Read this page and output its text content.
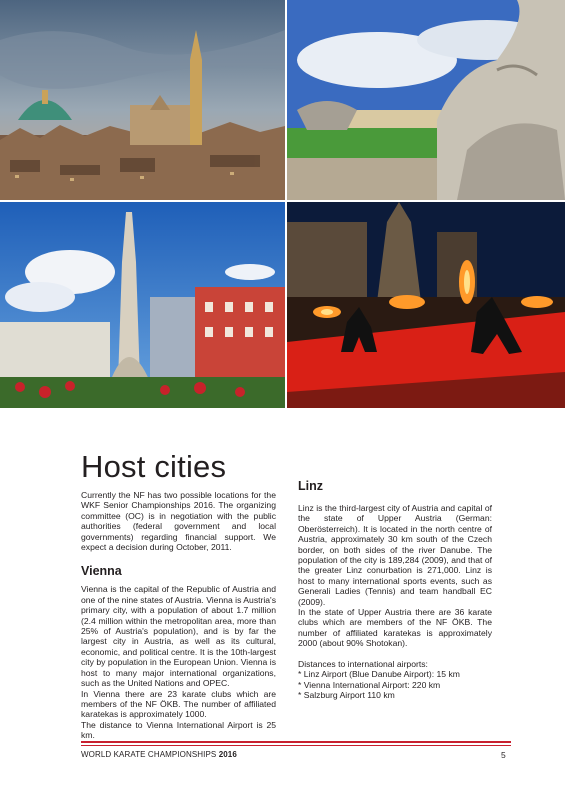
Host cities

Currently the NF has two possible locations for the WKF Senior Championships 2016. The organizing committee (OC) is in negotiation with the public authorities (federal government and local governments) regarding financial support. We expect a decision during October, 2011.

Vienna

Vienna is the capital of the Republic of Austria and one of the nine states of Austria. Vienna is Austria's primary city, with a population of about 1.7 million (2.4 million within the metropolitan area, more than 25% of Austria's population), and is by far the largest city in Austria, as well as its cultural, economic, and political centre. It is the 10th-largest city by population in the European Union. Vienna is host to many major international organizations, such as the United Nations and OPEC.
In Vienna there are 23 karate clubs which are members of the NF ÖKB. The number of affiliated karatekas is approximately 1000.
The distance to Vienna International Airport is 25 km.

Linz

Linz is the third-largest city of Austria and capital of the state of Upper Austria (German: Oberösterreich). It is located in the north centre of Austria, approximately 30 km south of the Czech border, on both sides of the river Danube. The population of the city is 189,284 (2009), and that of the greater Linz conurbation is 271,000. Linz is host to many international sports events, such as Generali Ladies (Tennis) and team handball EC (2009).
In the state of Upper Austria there are 36 karate clubs which are members of the NF ÖKB. The number of affiliated karatekas is approximately 2000 (about 90% Shotokan).

Distances to international airports:

* Linz Airport (Blue Danube Airport): 15 km

* Vienna International Airport: 220 km

* Salzburg Airport 110 km

WORLD KARATE CHAMPIONSHIPS 2016	5
